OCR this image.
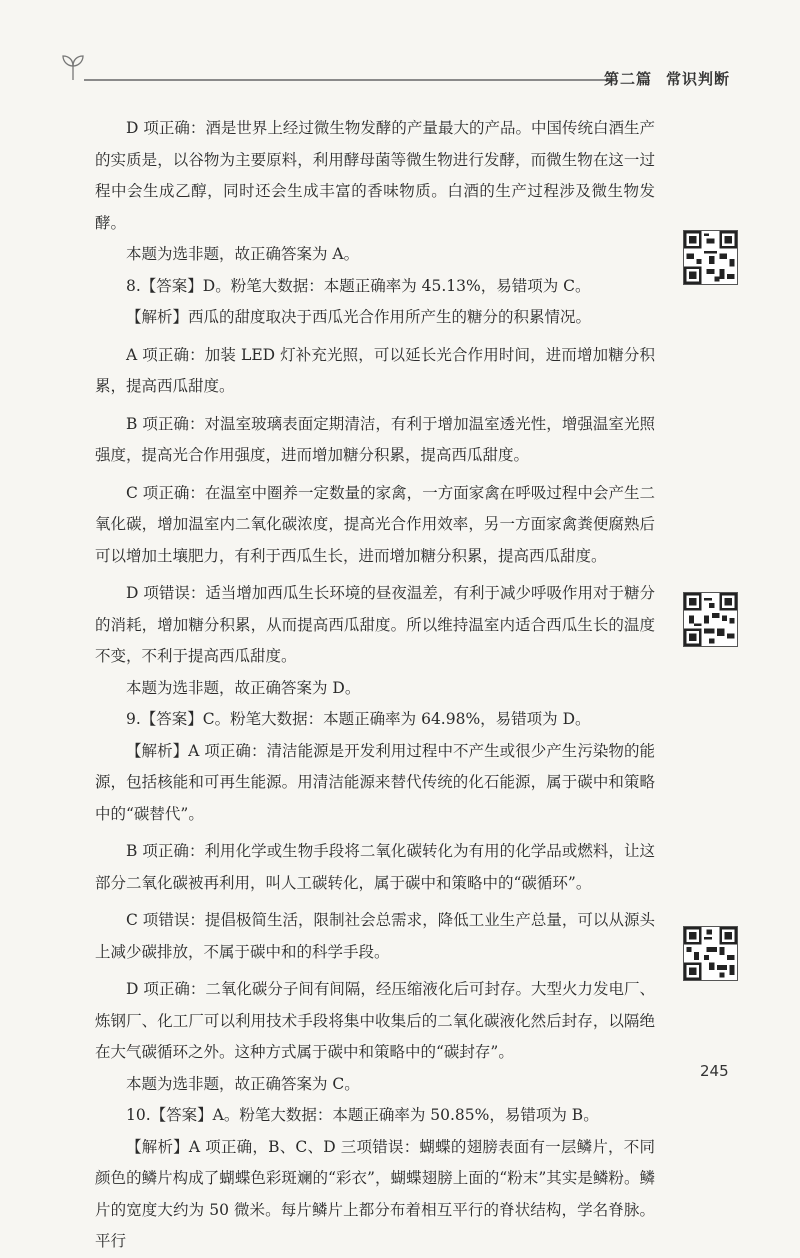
第二篇 常识判断

D 项正确：酒是世界上经过微生物发酵的产量最大的产品。中国传统白酒生产的实质是，以谷物为主要原料，利用酵母菌等微生物进行发酵，而微生物在这一过程中会生成乙醇，同时还会生成丰富的香味物质。白酒的生产过程涉及微生物发酵。

本题为选非题，故正确答案为 A。

8.【答案】D。粉笔大数据：本题正确率为 45.13%，易错项为 C。

【解析】西瓜的甜度取决于西瓜光合作用所产生的糖分的积累情况。

A 项正确：加装 LED 灯补充光照，可以延长光合作用时间，进而增加糖分积累，提高西瓜甜度。

B 项正确：对温室玻璃表面定期清洁，有利于增加温室透光性，增强温室光照强度，提高光合作用强度，进而增加糖分积累，提高西瓜甜度。

C 项正确：在温室中圈养一定数量的家禽，一方面家禽在呼吸过程中会产生二氧化碳，增加温室内二氧化碳浓度，提高光合作用效率，另一方面家禽粪便腐熟后可以增加土壤肥力，有利于西瓜生长，进而增加糖分积累，提高西瓜甜度。

D 项错误：适当增加西瓜生长环境的昼夜温差，有利于减少呼吸作用对于糖分的消耗，增加糖分积累，从而提高西瓜甜度。所以维持温室内适合西瓜生长的温度不变，不利于提高西瓜甜度。

本题为选非题，故正确答案为 D。

9.【答案】C。粉笔大数据：本题正确率为 64.98%，易错项为 D。

【解析】A 项正确：清洁能源是开发利用过程中不产生或很少产生污染物的能源，包括核能和可再生能源。用清洁能源来替代传统的化石能源，属于碳中和策略中的“碳替代”。

B 项正确：利用化学或生物手段将二氧化碳转化为有用的化学品或燃料，让这部分二氧化碳被再利用，叫人工碳转化，属于碳中和策略中的“碳循环”。

C 项错误：提倡极简生活，限制社会总需求，降低工业生产总量，可以从源头上减少碳排放，不属于碳中和的科学手段。

D 项正确：二氧化碳分子间有间隔，经压缩液化后可封存。大型火力发电厂、炼钢厂、化工厂可以利用技术手段将集中收集后的二氧化碳液化然后封存，以隔绝在大气碳循环之外。这种方式属于碳中和策略中的“碳封存”。

本题为选非题，故正确答案为 C。

10.【答案】A。粉笔大数据：本题正确率为 50.85%，易错项为 B。

【解析】A 项正确，B、C、D 三项错误：蝴蝶的翅膀表面有一层鳞片，不同颜色的鳞片构成了蝴蝶色彩斑斓的“彩衣”，蝴蝶翅膀上面的“粉末”其实是鳞粉。鳞片的宽度大约为 50 微米。每片鳞片上都分布着相互平行的脊状结构，学名脊脉。平行

245
